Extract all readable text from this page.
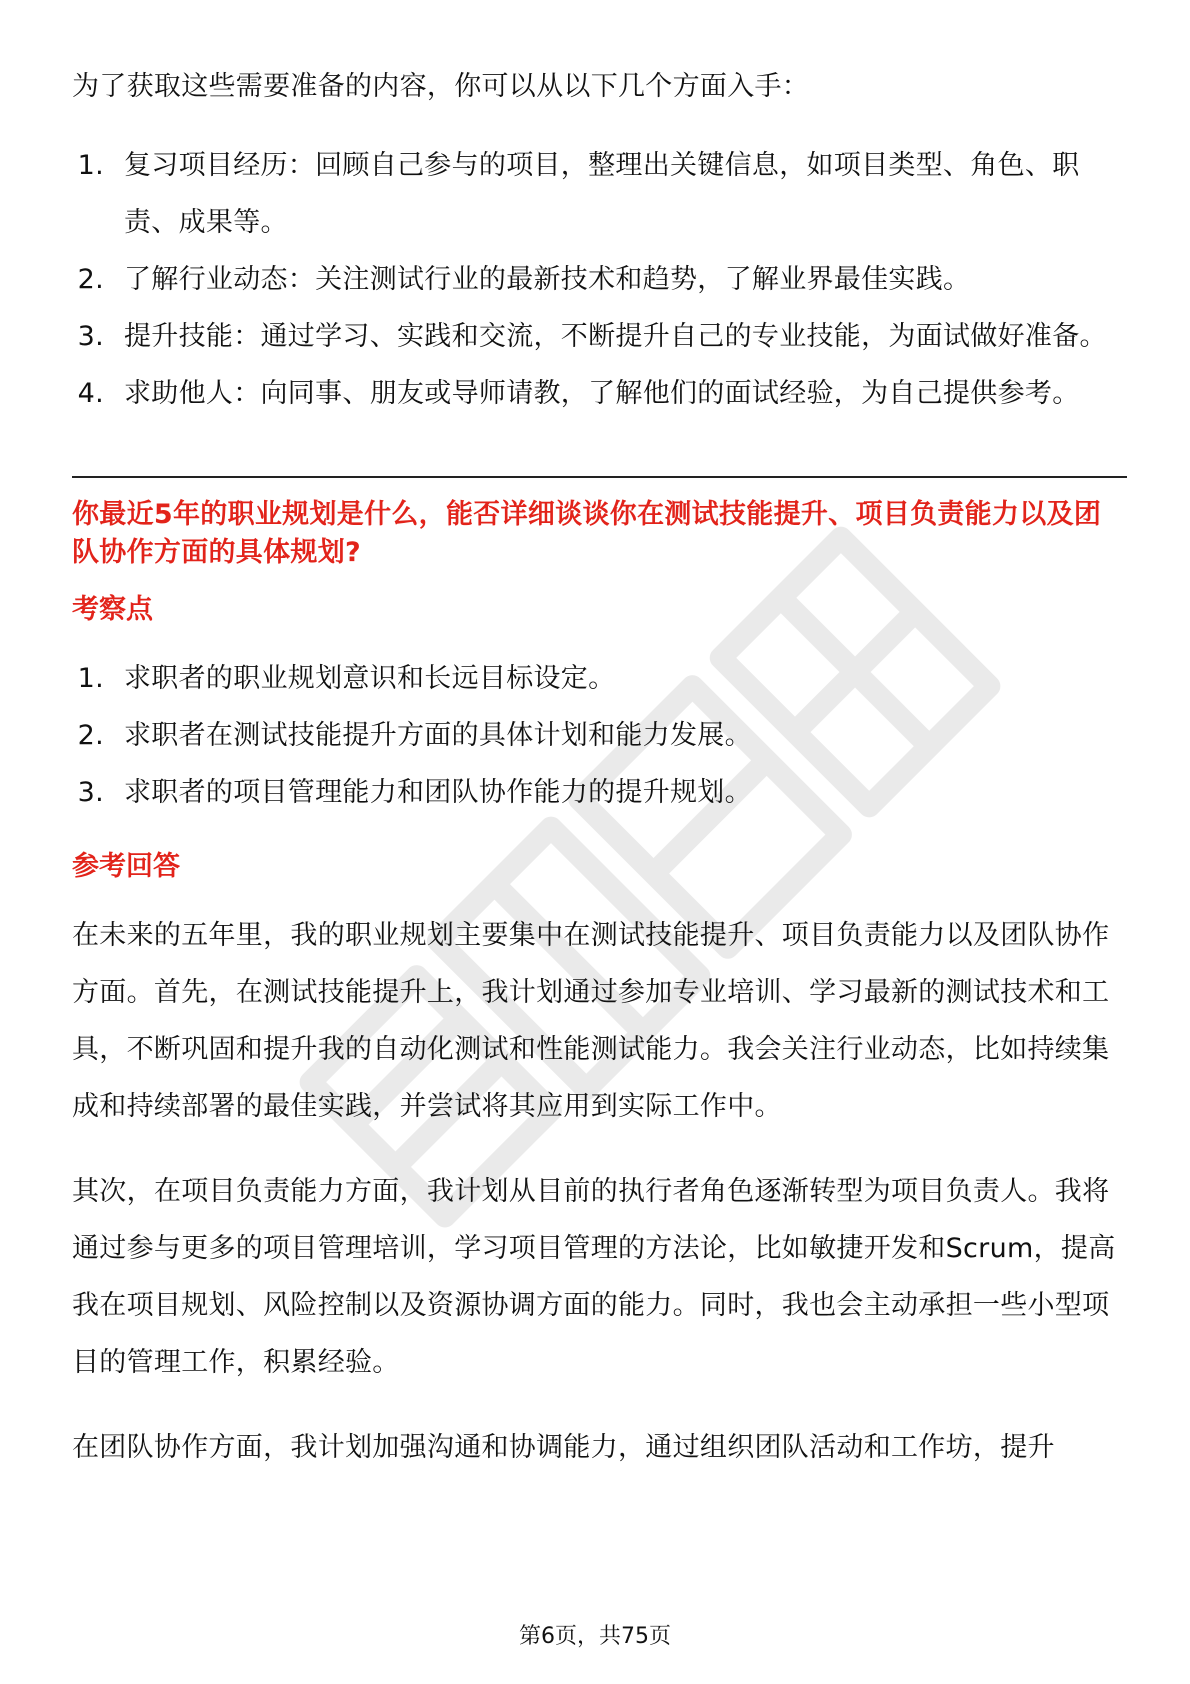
为了获取这些需要准备的内容，你可以从以下几个方面入手：

1. 复习项目经历：回顾自己参与的项目，整理出关键信息，如项目类型、角色、职责、成果等。
2. 了解行业动态：关注测试行业的最新技术和趋势，了解业界最佳实践。
3. 提升技能：通过学习、实践和交流，不断提升自己的专业技能，为面试做好准备。
4. 求助他人：向同事、朋友或导师请教，了解他们的面试经验，为自己提供参考。
你最近5年的职业规划是什么，能否详细谈谈你在测试技能提升、项目负责能力以及团队协作方面的具体规划?
考察点
1. 求职者的职业规划意识和长远目标设定。
2. 求职者在测试技能提升方面的具体计划和能力发展。
3. 求职者的项目管理能力和团队协作能力的提升规划。
参考回答

在未来的五年里，我的职业规划主要集中在测试技能提升、项目负责能力以及团队协作方面。首先，在测试技能提升上，我计划通过参加专业培训、学习最新的测试技术和工具，不断巩固和提升我的自动化测试和性能测试能力。我会关注行业动态，比如持续集成和持续部署的最佳实践，并尝试将其应用到实际工作中。

其次，在项目负责能力方面，我计划从目前的执行者角色逐渐转型为项目负责人。我将通过参与更多的项目管理培训，学习项目管理的方法论，比如敏捷开发和Scrum，提高我在项目规划、风险控制以及资源协调方面的能力。同时，我也会主动承担一些小型项目的管理工作，积累经验。

在团队协作方面，我计划加强沟通和协调能力，通过组织团队活动和工作坊，提升

第6页，共75页
